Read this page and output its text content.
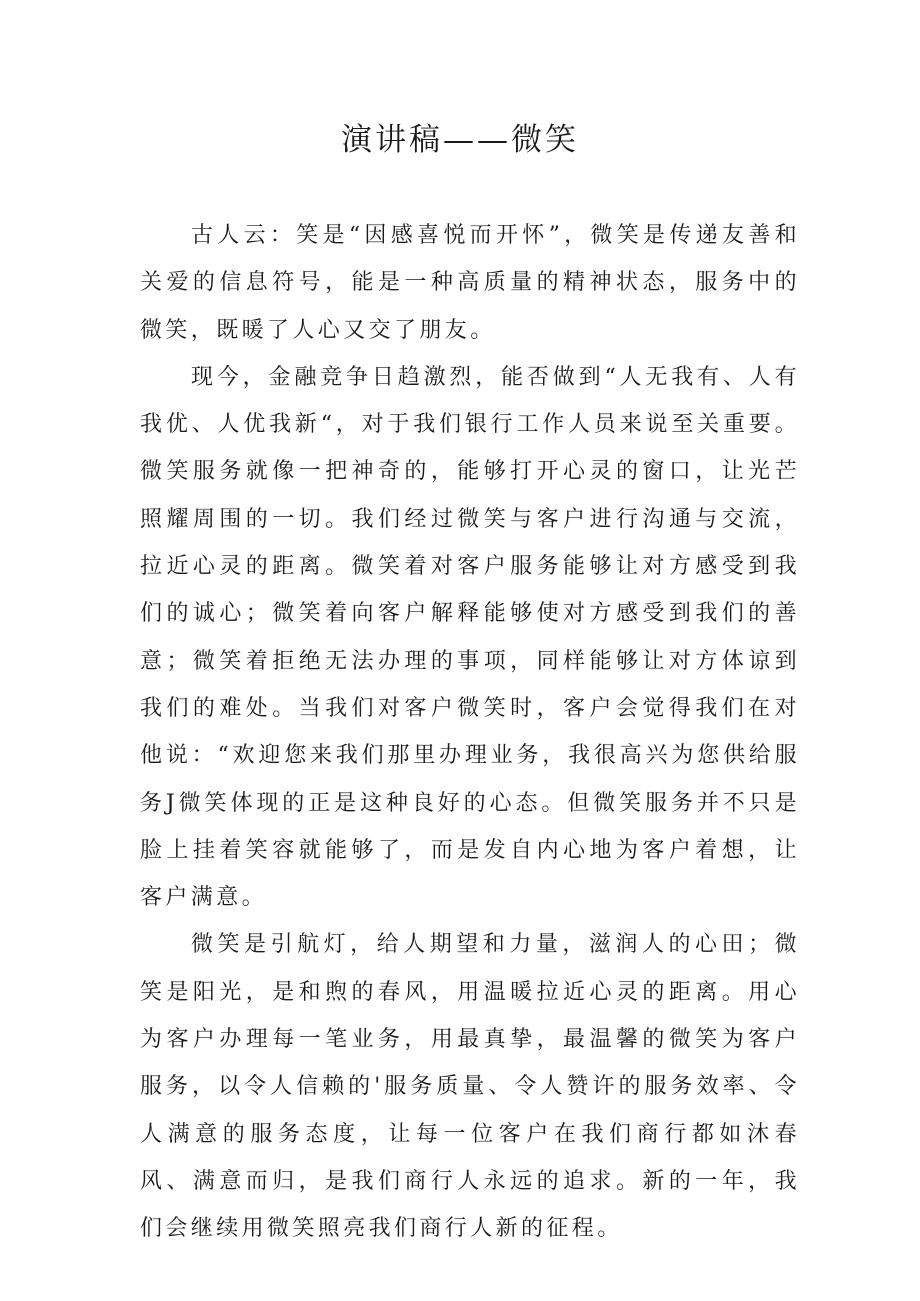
演讲稿——微笑

古人云：笑是“因感喜悦而开怀”，微笑是传递友善和关爱的信息符号，能是一种高质量的精神状态，服务中的微笑，既暖了人心又交了朋友。

现今，金融竞争日趋激烈，能否做到“人无我有、人有我优、人优我新“，对于我们银行工作人员来说至关重要。微笑服务就像一把神奇的，能够打开心灵的窗口，让光芒照耀周围的一切。我们经过微笑与客户进行沟通与交流，拉近心灵的距离。微笑着对客户服务能够让对方感受到我们的诚心；微笑着向客户解释能够使对方感受到我们的善意；微笑着拒绝无法办理的事项，同样能够让对方体谅到我们的难处。当我们对客户微笑时，客户会觉得我们在对他说：“欢迎您来我们那里办理业务，我很高兴为您供给服务J微笑体现的正是这种良好的心态。但微笑服务并不只是脸上挂着笑容就能够了，而是发自内心地为客户着想，让客户满意。

微笑是引航灯，给人期望和力量，滋润人的心田；微笑是阳光，是和煦的春风，用温暖拉近心灵的距离。用心为客户办理每一笔业务，用最真挚，最温馨的微笑为客户服务，以令人信赖的'服务质量、令人赞许的服务效率、令人满意的服务态度，让每一位客户在我们商行都如沐春风、满意而归，是我们商行人永远的追求。新的一年，我们会继续用微笑照亮我们商行人新的征程。
